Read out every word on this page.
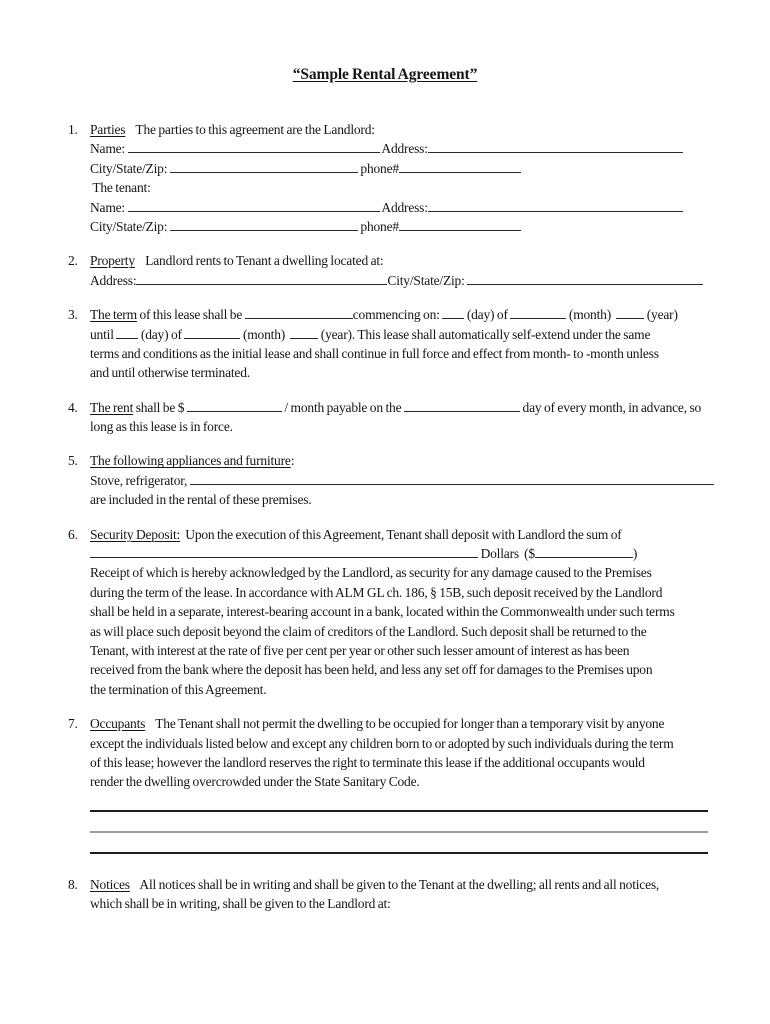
“Sample Rental Agreement”
1. Parties    The parties to this agreement are the Landlord:
Name:	Address:
City/State/Zip:	phone#
The tenant:
Name:	Address:
City/State/Zip:	phone#
2. Property    Landlord rents to Tenant a dwelling located at:
Address:	City/State/Zip:
3. The term of this lease shall be	commencing on:  (day) of	(month)   (year)
until  (day) of	(month)   (year). This lease shall automatically self-extend under the same
terms and conditions as the initial lease and shall continue in full force and effect from month- to -month unless
and until otherwise terminated.
4. The rent shall be $	/ month payable on the	day of every month, in advance, so
long as this lease is in force.
5. The following appliances and furniture:
Stove, refrigerator,
are included in the rental of these premises.
6. Security Deposit:  Upon the execution of this Agreement, Tenant shall deposit with Landlord the sum of
Dollars  ($	)
Receipt of which is hereby acknowledged by the Landlord, as security for any damage caused to the Premises
during the term of the lease. In accordance with ALM GL ch. 186, § 15B, such deposit received by the Landlord
shall be held in a separate, interest-bearing account in a bank, located within the Commonwealth under such terms
as will place such deposit beyond the claim of creditors of the Landlord. Such deposit shall be returned to the
Tenant, with interest at the rate of five per cent per year or other such lesser amount of interest as has been
received from the bank where the deposit has been held, and less any set off for damages to the Premises upon
the termination of this Agreement.
7. Occupants    The Tenant shall not permit the dwelling to be occupied for longer than a temporary visit by anyone
except the individuals listed below and except any children born to or adopted by such individuals during the term
of this lease; however the landlord reserves the right to terminate this lease if the additional occupants would
render the dwelling overcrowded under the State Sanitary Code.
8. Notices    All notices shall be in writing and shall be given to the Tenant at the dwelling; all rents and all notices,
which shall be in writing, shall be given to the Landlord at:
